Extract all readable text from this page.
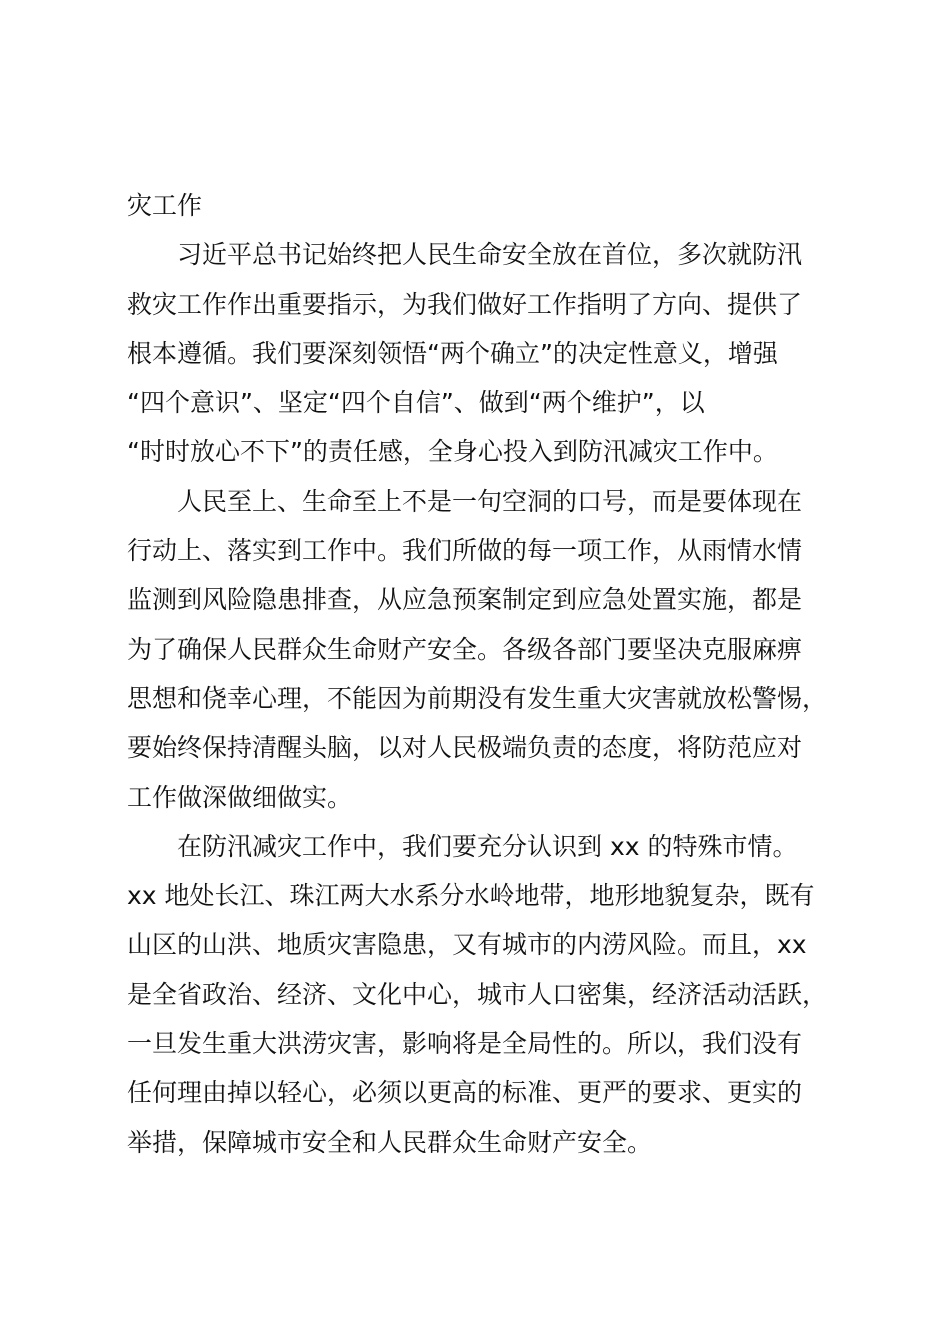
灾工作
　　习近平总书记始终把人民生命安全放在首位，多次就防汛
救灾工作作出重要指示，为我们做好工作指明了方向、提供了
根本遵循。我们要深刻领悟“两个确立”的决定性意义，增强
“四个意识”、坚定“四个自信”、做到“两个维护”，以
“时时放心不下”的责任感，全身心投入到防汛减灾工作中。
　　人民至上、生命至上不是一句空洞的口号，而是要体现在
行动上、落实到工作中。我们所做的每一项工作，从雨情水情
监测到风险隐患排查，从应急预案制定到应急处置实施，都是
为了确保人民群众生命财产安全。各级各部门要坚决克服麻痹
思想和侥幸心理，不能因为前期没有发生重大灾害就放松警惕，
要始终保持清醒头脑，以对人民极端负责的态度，将防范应对
工作做深做细做实。
　　在防汛减灾工作中，我们要充分认识到 xx 的特殊市情。
xx 地处长江、珠江两大水系分水岭地带，地形地貌复杂，既有
山区的山洪、地质灾害隐患，又有城市的内涝风险。而且，xx
是全省政治、经济、文化中心，城市人口密集，经济活动活跃，
一旦发生重大洪涝灾害，影响将是全局性的。所以，我们没有
任何理由掉以轻心，必须以更高的标准、更严的要求、更实的
举措，保障城市安全和人民群众生命财产安全。
